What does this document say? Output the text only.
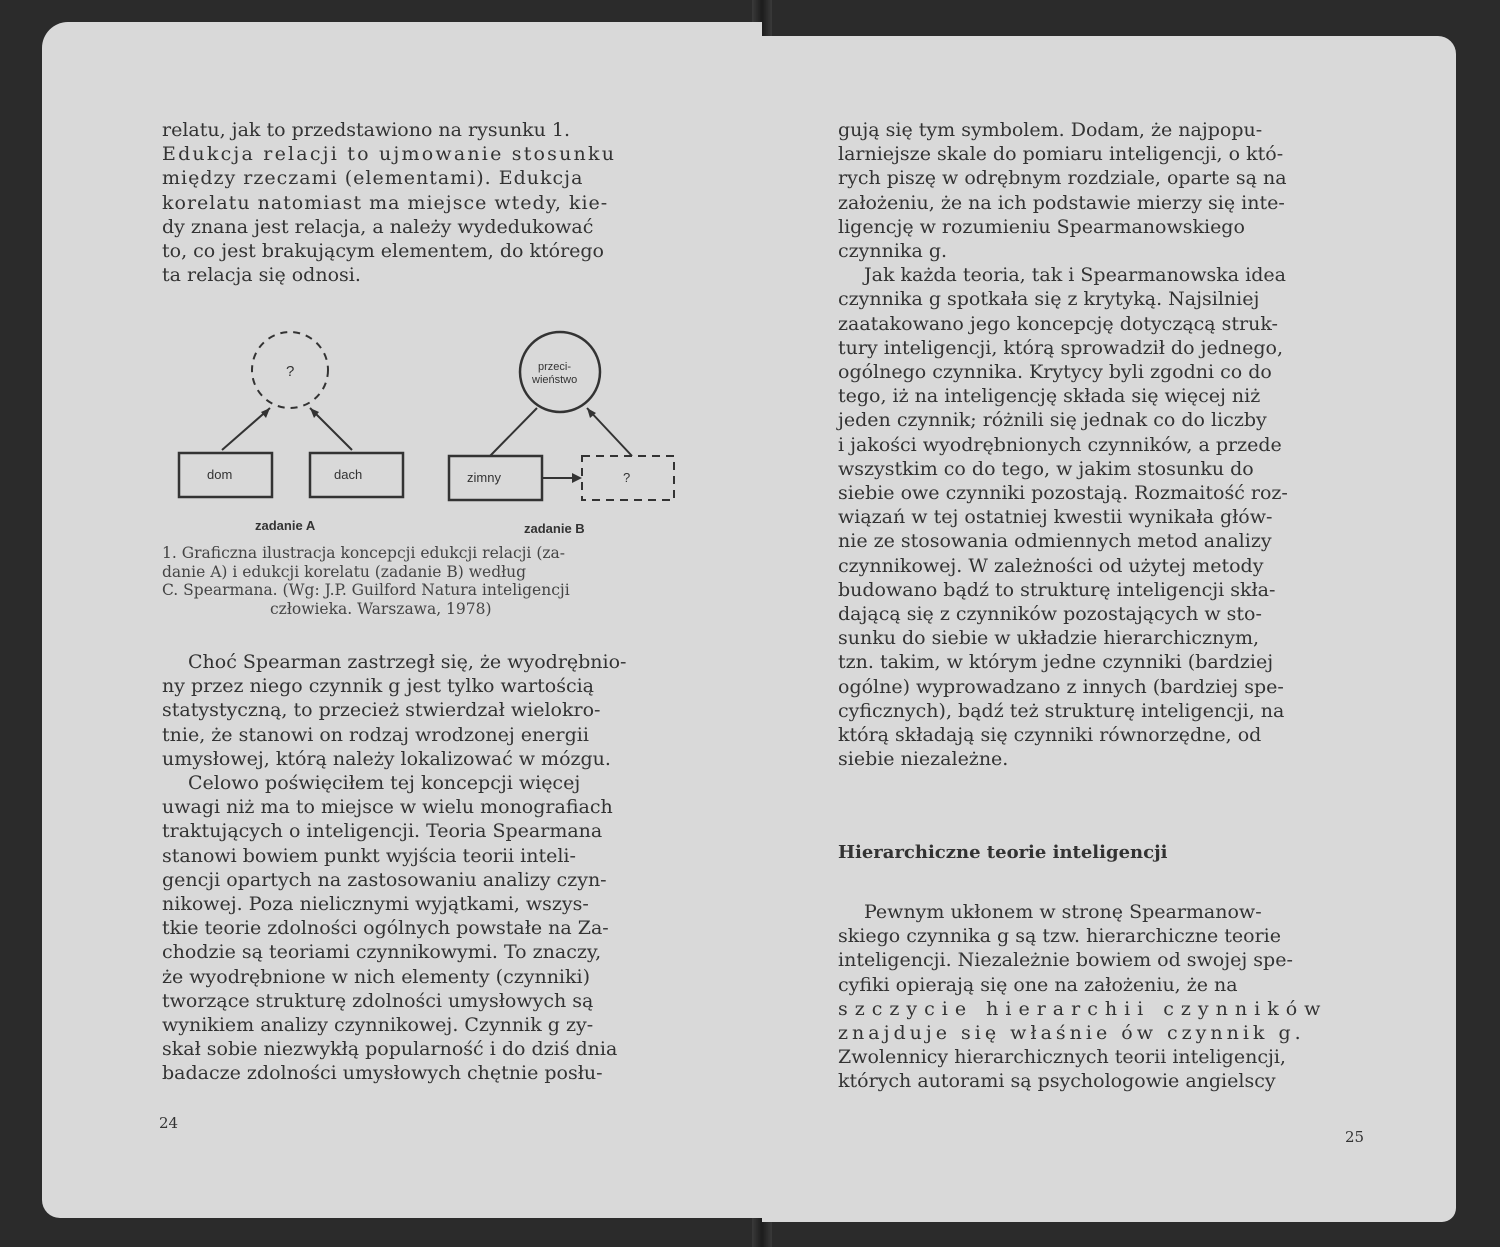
relatu, jak to przedstawiono na rysunku 1.

Edukcja relacji to ujmowanie stosunku

między rzeczami (elementami). Edukcja

korelatu natomiast ma miejsce wtedy, kie-

dy znana jest relacja, a należy wydedukować

to, co jest brakującym elementem, do którego

ta relacja się odnosi.

?
dom	dach
zadanie A
przeci-
wieństwo
zimny	?
zadanie B
1. Graficzna ilustracja koncepcji edukcji relacji (za-
danie A) i edukcji korelatu (zadanie B) według
C. Spearmana. (Wg: J.P. Guilford Natura inteligencji
człowieka. Warszawa, 1978)

Choć Spearman zastrzegł się, że wyodrębnio-

ny przez niego czynnik g jest tylko wartością

statystyczną, to przecież stwierdzał wielokro-

tnie, że stanowi on rodzaj wrodzonej energii

umysłowej, którą należy lokalizować w mózgu.

Celowo poświęciłem tej koncepcji więcej

uwagi niż ma to miejsce w wielu monografiach

traktujących o inteligencji. Teoria Spearmana

stanowi bowiem punkt wyjścia teorii inteli-

gencji opartych na zastosowaniu analizy czyn-

nikowej. Poza nielicznymi wyjątkami, wszys-

tkie teorie zdolności ogólnych powstałe na Za-

chodzie są teoriami czynnikowymi. To znaczy,

że wyodrębnione w nich elementy (czynniki)

tworzące strukturę zdolności umysłowych są

wynikiem analizy czynnikowej. Czynnik g zy-

skał sobie niezwykłą popularność i do dziś dnia

badacze zdolności umysłowych chętnie posłu-

24

gują się tym symbolem. Dodam, że najpopu-

larniejsze skale do pomiaru inteligencji, o któ-

rych piszę w odrębnym rozdziale, oparte są na

założeniu, że na ich podstawie mierzy się inte-

ligencję w rozumieniu Spearmanowskiego

czynnika g.

Jak każda teoria, tak i Spearmanowska idea

czynnika g spotkała się z krytyką. Najsilniej

zaatakowano jego koncepcję dotyczącą struk-

tury inteligencji, którą sprowadził do jednego,

ogólnego czynnika. Krytycy byli zgodni co do

tego, iż na inteligencję składa się więcej niż

jeden czynnik; różnili się jednak co do liczby

i jakości wyodrębnionych czynników, a przede

wszystkim co do tego, w jakim stosunku do

siebie owe czynniki pozostają. Rozmaitość roz-

wiązań w tej ostatniej kwestii wynikała głów-

nie ze stosowania odmiennych metod analizy

czynnikowej. W zależności od użytej metody

budowano bądź to strukturę inteligencji skła-

dającą się z czynników pozostających w sto-

sunku do siebie w układzie hierarchicznym,

tzn. takim, w którym jedne czynniki (bardziej

ogólne) wyprowadzano z innych (bardziej spe-

cyficznych), bądź też strukturę inteligencji, na

którą składają się czynniki równorzędne, od

siebie niezależne.

Hierarchiczne teorie inteligencji

Pewnym ukłonem w stronę Spearmanow-

skiego czynnika g są tzw. hierarchiczne teorie

inteligencji. Niezależnie bowiem od swojej spe-

cyfiki opierają się one na założeniu, że na

szczycie hierarchii czynników

znajduje się właśnie ów czynnik g.

Zwolennicy hierarchicznych teorii inteligencji,

których autorami są psychologowie angielscy

25
